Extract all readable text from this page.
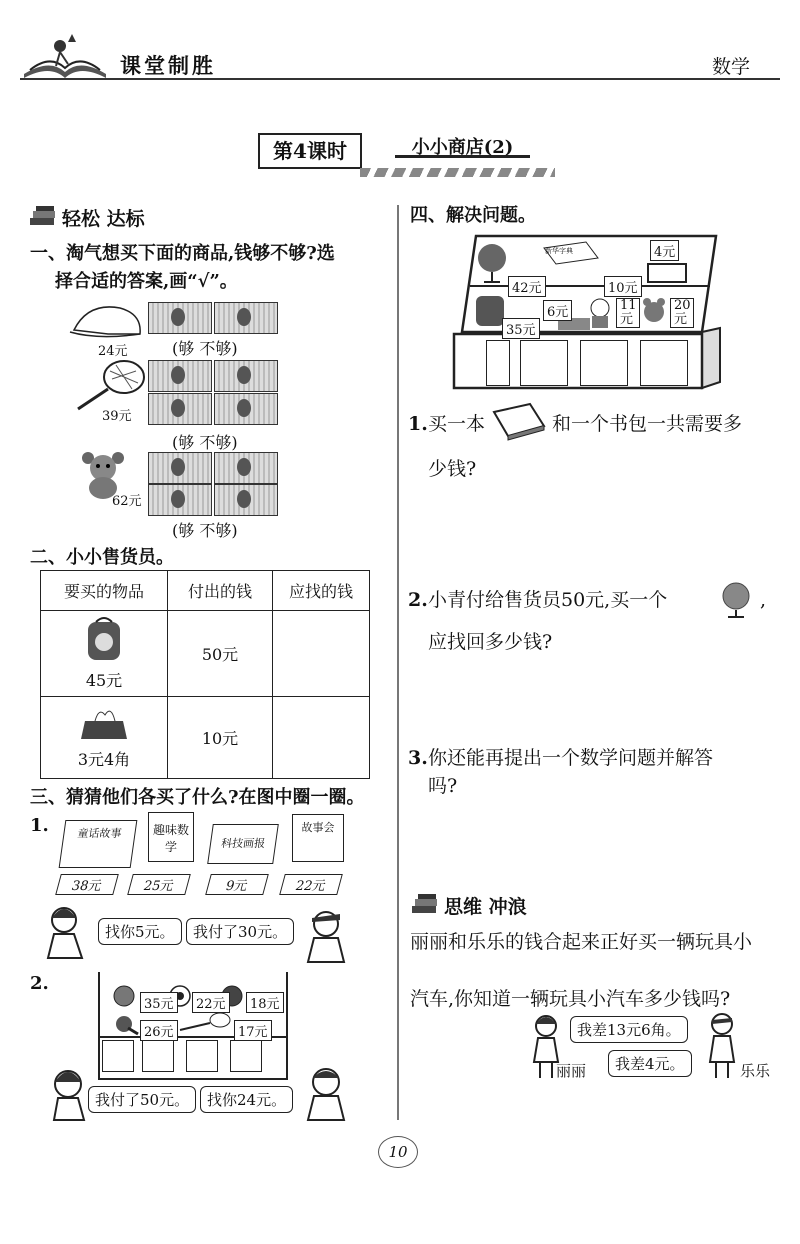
课堂制胜	数学
第4课时	小小商店(2)
轻松 达标
一、淘气想买下面的商品,钱够不够?选
择合适的答案,画“√”。
24元	(够 不够)
39元
(够 不够)
62元
(够 不够)
二、小小售货员。
要买的物品	付出的钱	应找的钱

45元	50元	

3元4角	10元	
三、猜猜他们各买了什么?在图中圈一圈。
1.	童话故事	趣味数学	科技画报
故事会
38元	25元	9元	22元
找你5元。	我付了30元。
2.
35元	22元	18元
26元	17元
我付了50元。	找你24元。
四、解决问题。
新华字典	4元
42元	10元
6元	11元
20元
35元
1. 买一本	和一个书包一共需要多
少钱?
2. 小青付给售货员50元,买一个	,
应找回多少钱?
3. 你还能再提出一个数学问题并解答
吗?
思维 冲浪
丽丽和乐乐的钱合起来正好买一辆玩具小
汽车,你知道一辆玩具小汽车多少钱吗?
我差13元6角。
我差4元。
丽丽	乐乐
10
